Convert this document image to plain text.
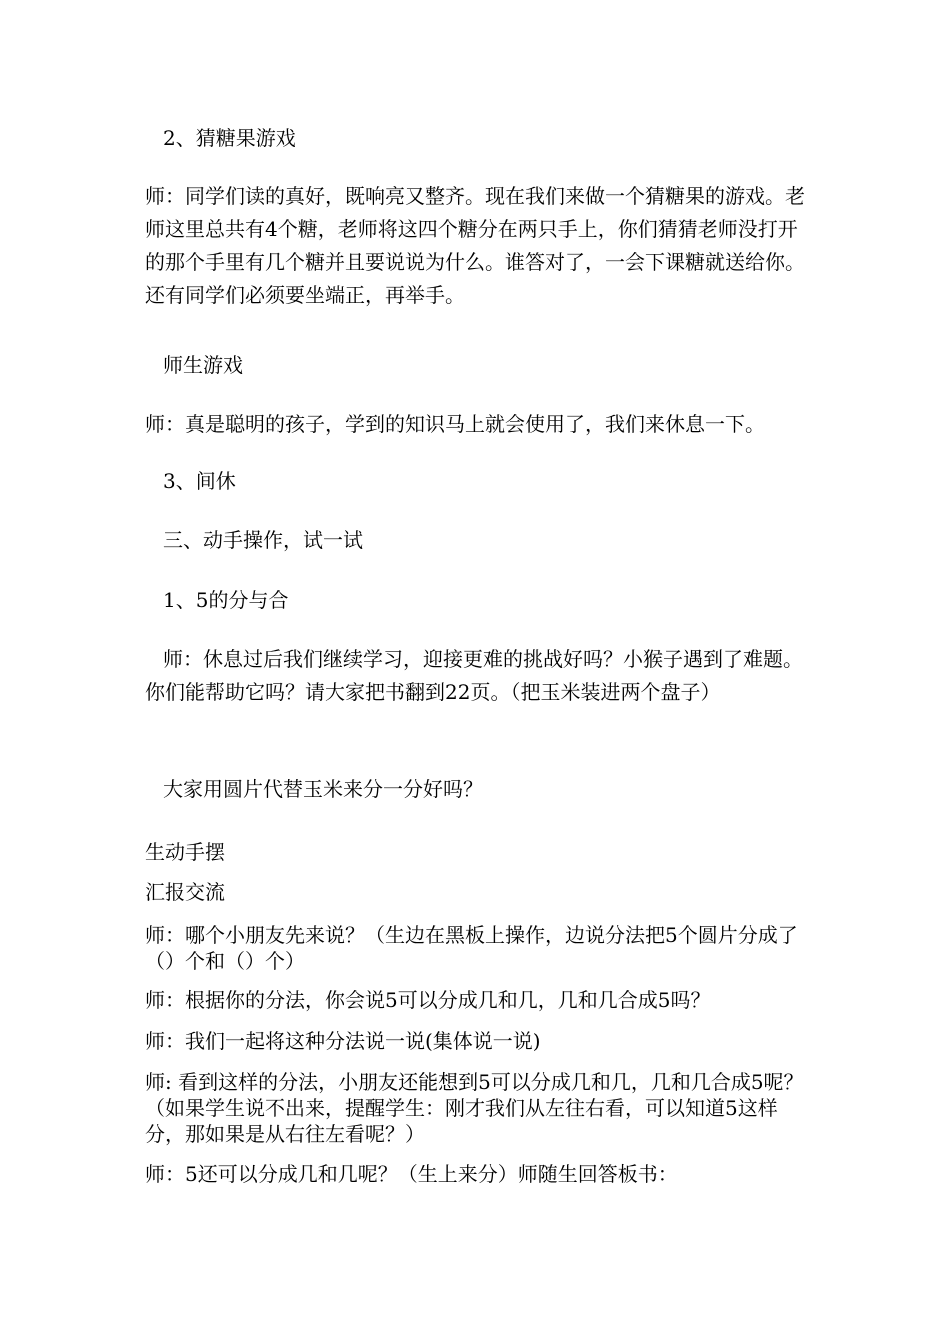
2、猜糖果游戏

师：同学们读的真好，既响亮又整齐。现在我们来做一个猜糖果的游戏。老师这里总共有4个糖，老师将这四个糖分在两只手上，你们猜猜老师没打开的那个手里有几个糖并且要说说为什么。谁答对了，一会下课糖就送给你。还有同学们必须要坐端正，再举手。

师生游戏

师：真是聪明的孩子，学到的知识马上就会使用了，我们来休息一下。

3、间休

三、动手操作，试一试

1、5的分与合

师：休息过后我们继续学习，迎接更难的挑战好吗？小猴子遇到了难题。你们能帮助它吗？请大家把书翻到22页。（把玉米装进两个盘子）

大家用圆片代替玉米来分一分好吗？

生动手摆

汇报交流

师：哪个小朋友先来说？（生边在黑板上操作，边说分法把5个圆片分成了（）个和（）个）

师：根据你的分法，你会说5可以分成几和几，几和几合成5吗？

师：我们一起将这种分法说一说(集体说一说)

师: 看到这样的分法，小朋友还能想到5可以分成几和几，几和几合成5呢？（如果学生说不出来，提醒学生：刚才我们从左往右看，可以知道5这样分，那如果是从右往左看呢？）

师：5还可以分成几和几呢？（生上来分）师随生回答板书：
